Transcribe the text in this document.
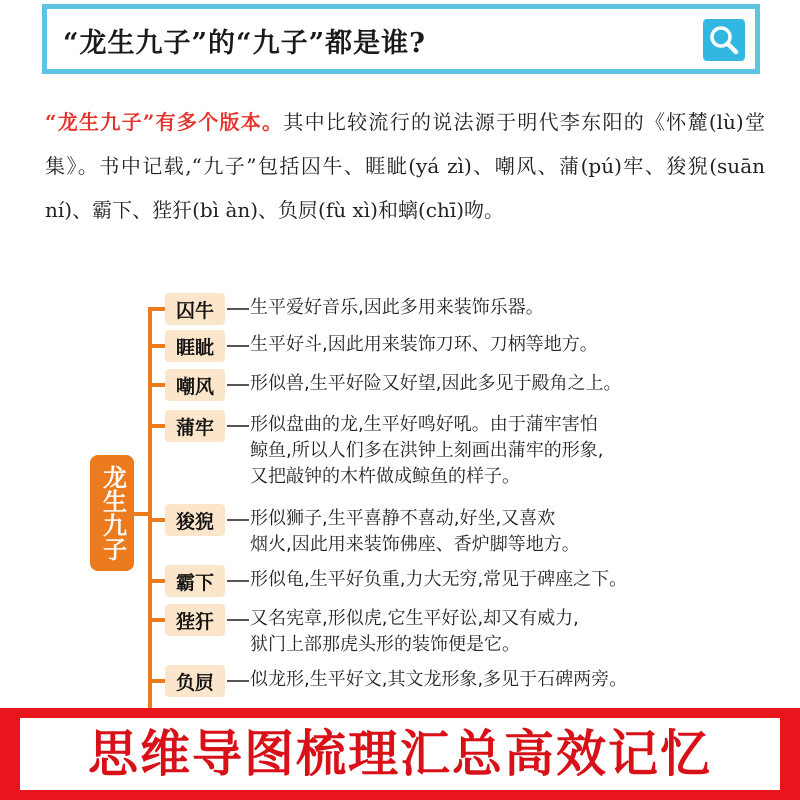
“龙生九子”的“九子”都是谁?
“龙生九子”有多个版本。其中比较流行的说法源于明代李东阳的《怀麓(lù)堂集》。书中记载,“九子”包括囚牛、睚眦(yá zì)、嘲风、蒲(pú)牢、狻猊(suān ní)、霸下、狴犴(bì àn)、负屃(fù xì)和螭(chī)吻。
龙生九子
囚牛	生平爱好音乐,因此多用来装饰乐器。
睚眦	生平好斗,因此用来装饰刀环、刀柄等地方。
嘲风	形似兽,生平好险又好望,因此多见于殿角之上。
蒲牢	形似盘曲的龙,生平好鸣好吼。由于蒲牢害怕
鲸鱼,所以人们多在洪钟上刻画出蒲牢的形象,
又把敲钟的木杵做成鲸鱼的样子。
狻猊	形似狮子,生平喜静不喜动,好坐,又喜欢
烟火,因此用来装饰佛座、香炉脚等地方。
霸下	形似龟,生平好负重,力大无穷,常见于碑座之下。
狴犴	又名宪章,形似虎,它生平好讼,却又有威力,
狱门上部那虎头形的装饰便是它。
负屃	似龙形,生平好文,其文龙形象,多见于石碑两旁。
思维导图梳理汇总高效记忆
